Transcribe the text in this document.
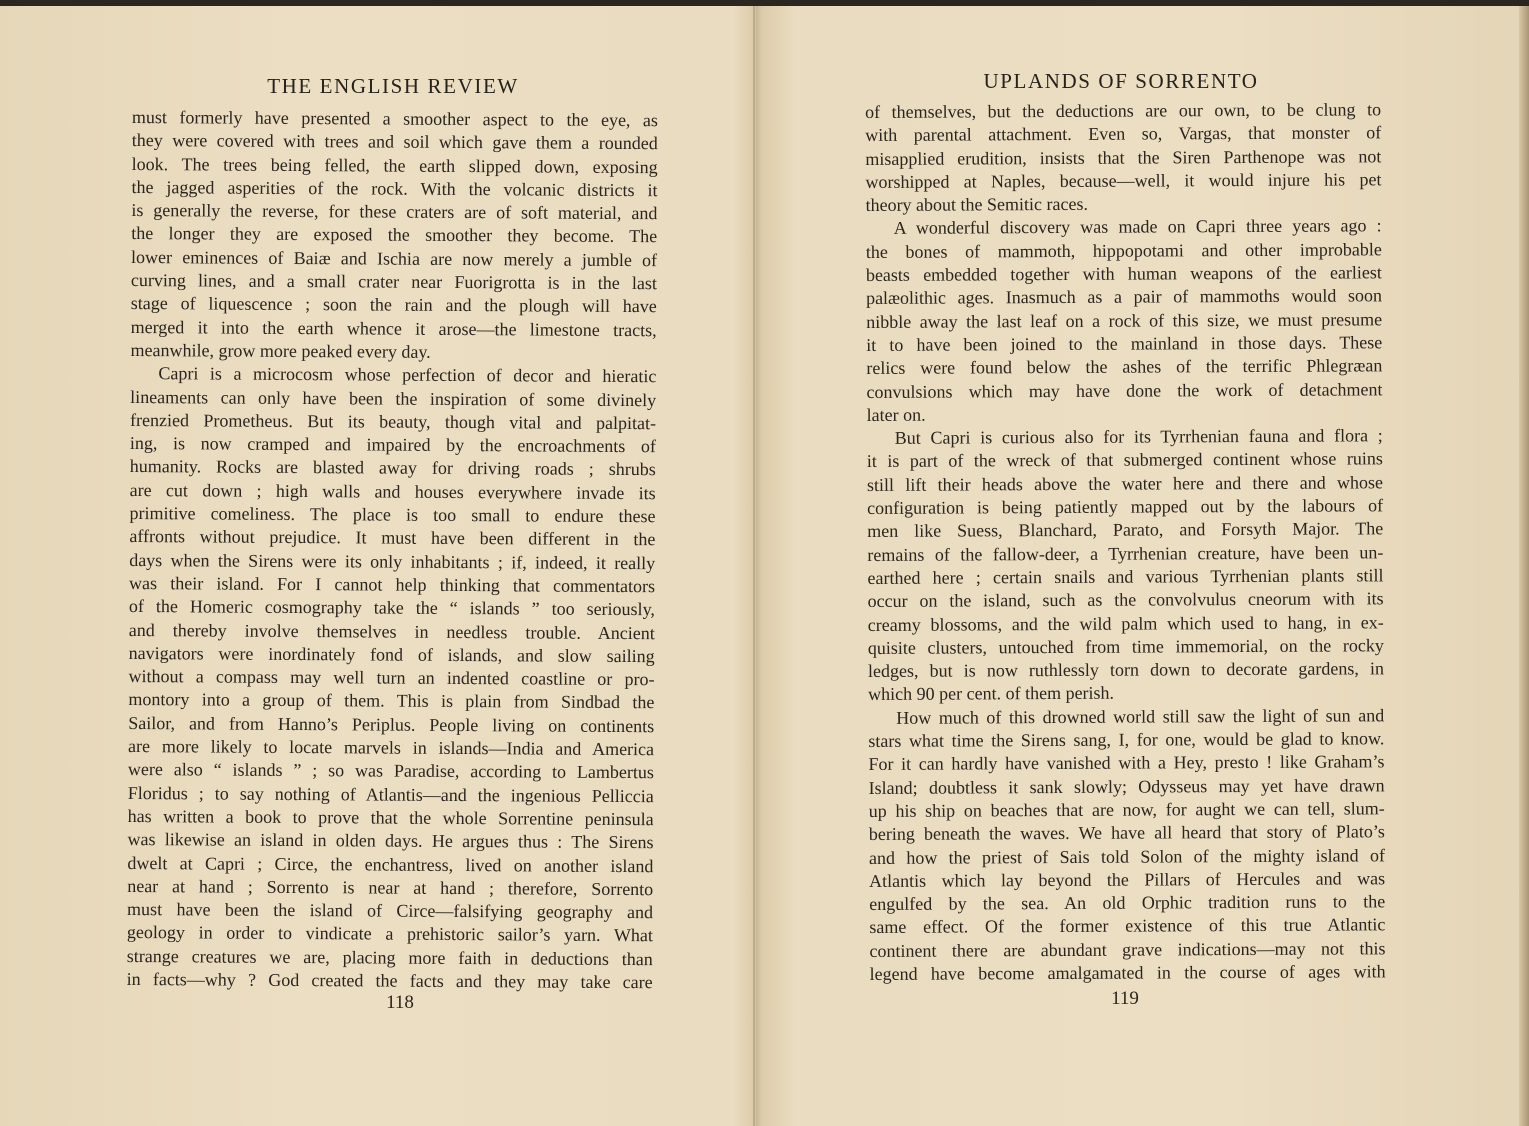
THE ENGLISH REVIEW
must formerly have presented a smoother aspect to the eye, as
they were covered with trees and soil which gave them a rounded
look. The trees being felled, the earth slipped down, exposing
the jagged asperities of the rock. With the volcanic districts it
is generally the reverse, for these craters are of soft material, and
the longer they are exposed the smoother they become. The
lower eminences of Baiæ and Ischia are now merely a jumble of
curving lines, and a small crater near Fuorigrotta is in the last
stage of liquescence ; soon the rain and the plough will have
merged it into the earth whence it arose—the limestone tracts,
meanwhile, grow more peaked every day.
Capri is a microcosm whose perfection of decor and hieratic
lineaments can only have been the inspiration of some divinely
frenzied Prometheus. But its beauty, though vital and palpitat-
ing, is now cramped and impaired by the encroachments of
humanity. Rocks are blasted away for driving roads ; shrubs
are cut down ; high walls and houses everywhere invade its
primitive comeliness. The place is too small to endure these
affronts without prejudice. It must have been different in the
days when the Sirens were its only inhabitants ; if, indeed, it really
was their island. For I cannot help thinking that commentators
of the Homeric cosmography take the “ islands ” too seriously,
and thereby involve themselves in needless trouble. Ancient
navigators were inordinately fond of islands, and slow sailing
without a compass may well turn an indented coastline or pro-
montory into a group of them. This is plain from Sindbad the
Sailor, and from Hanno’s Periplus. People living on continents
are more likely to locate marvels in islands—India and America
were also “ islands ” ; so was Paradise, according to Lambertus
Floridus ; to say nothing of Atlantis—and the ingenious Pelliccia
has written a book to prove that the whole Sorrentine peninsula
was likewise an island in olden days. He argues thus : The Sirens
dwelt at Capri ; Circe, the enchantress, lived on another island
near at hand ; Sorrento is near at hand ; therefore, Sorrento
must have been the island of Circe—falsifying geography and
geology in order to vindicate a prehistoric sailor’s yarn. What
strange creatures we are, placing more faith in deductions than
in facts—why ? God created the facts and they may take care
118
UPLANDS OF SORRENTO
of themselves, but the deductions are our own, to be clung to
with parental attachment. Even so, Vargas, that monster of
misapplied erudition, insists that the Siren Parthenope was not
worshipped at Naples, because—well, it would injure his pet
theory about the Semitic races.
A wonderful discovery was made on Capri three years ago :
the bones of mammoth, hippopotami and other improbable
beasts embedded together with human weapons of the earliest
palæolithic ages. Inasmuch as a pair of mammoths would soon
nibble away the last leaf on a rock of this size, we must presume
it to have been joined to the mainland in those days. These
relics were found below the ashes of the terrific Phlegræan
convulsions which may have done the work of detachment
later on.
But Capri is curious also for its Tyrrhenian fauna and flora ;
it is part of the wreck of that submerged continent whose ruins
still lift their heads above the water here and there and whose
configuration is being patiently mapped out by the labours of
men like Suess, Blanchard, Parato, and Forsyth Major. The
remains of the fallow-deer, a Tyrrhenian creature, have been un-
earthed here ; certain snails and various Tyrrhenian plants still
occur on the island, such as the convolvulus cneorum with its
creamy blossoms, and the wild palm which used to hang, in ex-
quisite clusters, untouched from time immemorial, on the rocky
ledges, but is now ruthlessly torn down to decorate gardens, in
which 90 per cent. of them perish.
How much of this drowned world still saw the light of sun and
stars what time the Sirens sang, I, for one, would be glad to know.
For it can hardly have vanished with a Hey, presto ! like Graham’s
Island; doubtless it sank slowly; Odysseus may yet have drawn
up his ship on beaches that are now, for aught we can tell, slum-
bering beneath the waves. We have all heard that story of Plato’s
and how the priest of Sais told Solon of the mighty island of
Atlantis which lay beyond the Pillars of Hercules and was
engulfed by the sea. An old Orphic tradition runs to the
same effect. Of the former existence of this true Atlantic
continent there are abundant grave indications—may not this
legend have become amalgamated in the course of ages with
119
